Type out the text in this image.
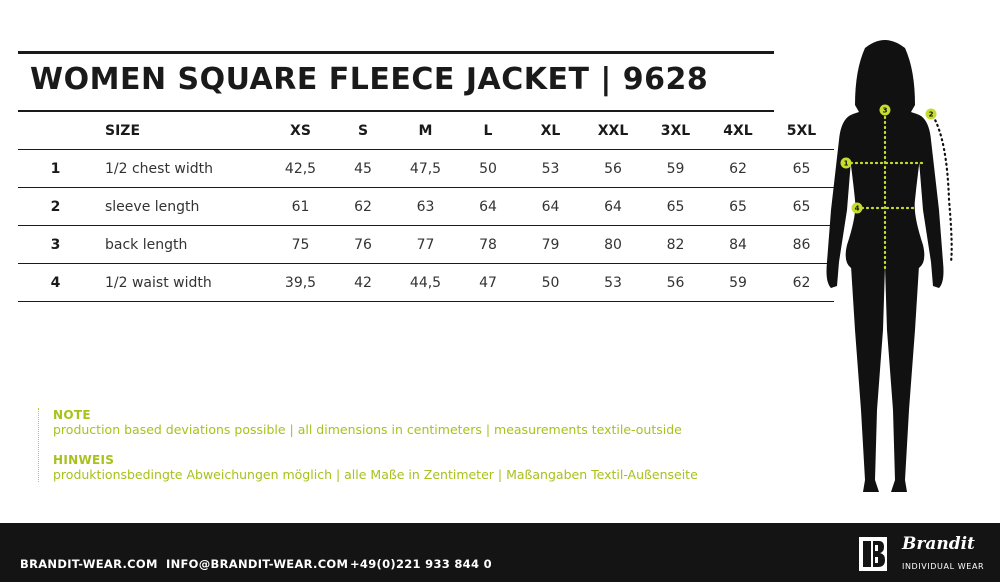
WOMEN SQUARE FLEECE JACKET | 9628
	SIZE	XS	S	M	L	XL	XXL	3XL	4XL	5XL
1	1/2 chest width	42,5	45	47,5	50	53	56	59	62	65
2	sleeve length	61	62	63	64	64	64	65	65	65
3	back length	75	76	77	78	79	80	82	84	86
4	1/2 waist width	39,5	42	44,5	47	50	53	56	59	62

NOTE

production based deviations possible | all dimensions in centimeters | measurements textile-outside

HINWEIS

produktionsbedingte Abweichungen möglich | alle Maße in Zentimeter | Maßangaben Textil-Außenseite

1
2
3
4
BRANDIT-WEAR.COM INFO@BRANDIT-WEAR.COM +49(0)221 933 844 0
Brandit
INDIVIDUAL WEAR
